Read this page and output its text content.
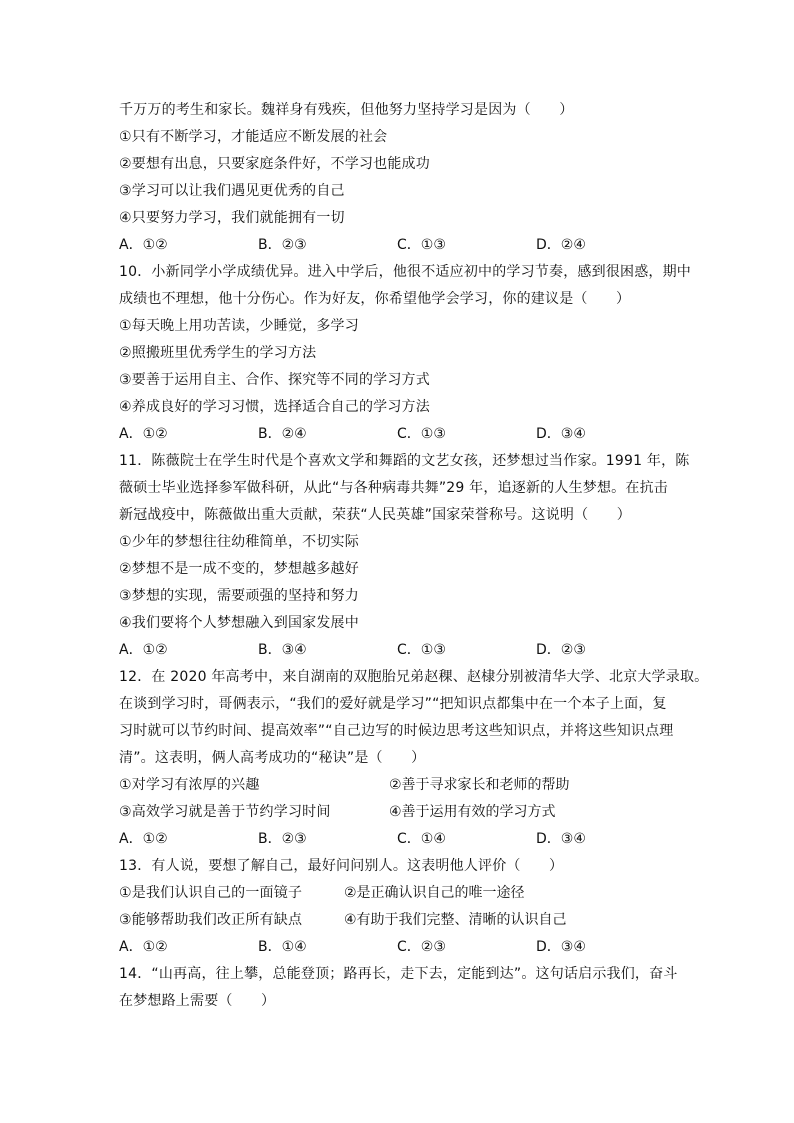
千万万的考生和家长。魏祥身有残疾，但他努力坚持学习是因为（　　）
①只有不断学习，才能适应不断发展的社会
②要想有出息，只要家庭条件好，不学习也能成功
③学习可以让我们遇见更优秀的自己
④只要努力学习，我们就能拥有一切
A．①②	B．②③	C．①③	D．②④
10．小新同学小学成绩优异。进入中学后，他很不适应初中的学习节奏，感到很困惑，期中
成绩也不理想，他十分伤心。作为好友，你希望他学会学习，你的建议是（　　）
①每天晚上用功苦读，少睡觉，多学习
②照搬班里优秀学生的学习方法
③要善于运用自主、合作、探究等不同的学习方式
④养成良好的学习习惯，选择适合自己的学习方法
A．①②	B．②④	C．①③	D．③④
11．陈薇院士在学生时代是个喜欢文学和舞蹈的文艺女孩，还梦想过当作家。1991 年，陈
薇硕士毕业选择参军做科研，从此“与各种病毒共舞”29 年，追逐新的人生梦想。在抗击
新冠战疫中，陈薇做出重大贡献，荣获“人民英雄”国家荣誉称号。这说明（　　）
①少年的梦想往往幼稚简单，不切实际
②梦想不是一成不变的，梦想越多越好
③梦想的实现，需要顽强的坚持和努力
④我们要将个人梦想融入到国家发展中
A．①②	B．③④	C．①③	D．②③
12．在 2020 年高考中，来自湖南的双胞胎兄弟赵稞、赵棣分别被清华大学、北京大学录取。
在谈到学习时，哥俩表示，“我们的爱好就是学习”“把知识点都集中在一个本子上面，复
习时就可以节约时间、提高效率”“自己边写的时候边思考这些知识点，并将这些知识点理
清”。这表明，俩人高考成功的“秘诀”是（　　）
①对学习有浓厚的兴趣	②善于寻求家长和老师的帮助
③高效学习就是善于节约学习时间	④善于运用有效的学习方式
A．①②	B．②③	C．①④	D．③④
13．有人说，要想了解自己，最好问问别人。这表明他人评价（　　）
①是我们认识自己的一面镜子	②是正确认识自己的唯一途径
③能够帮助我们改正所有缺点	④有助于我们完整、清晰的认识自己
A．①②	B．①④	C．②③	D．③④
14．“山再高，往上攀，总能登顶；路再长，走下去，定能到达”。这句话启示我们，奋斗
在梦想路上需要（　　）
